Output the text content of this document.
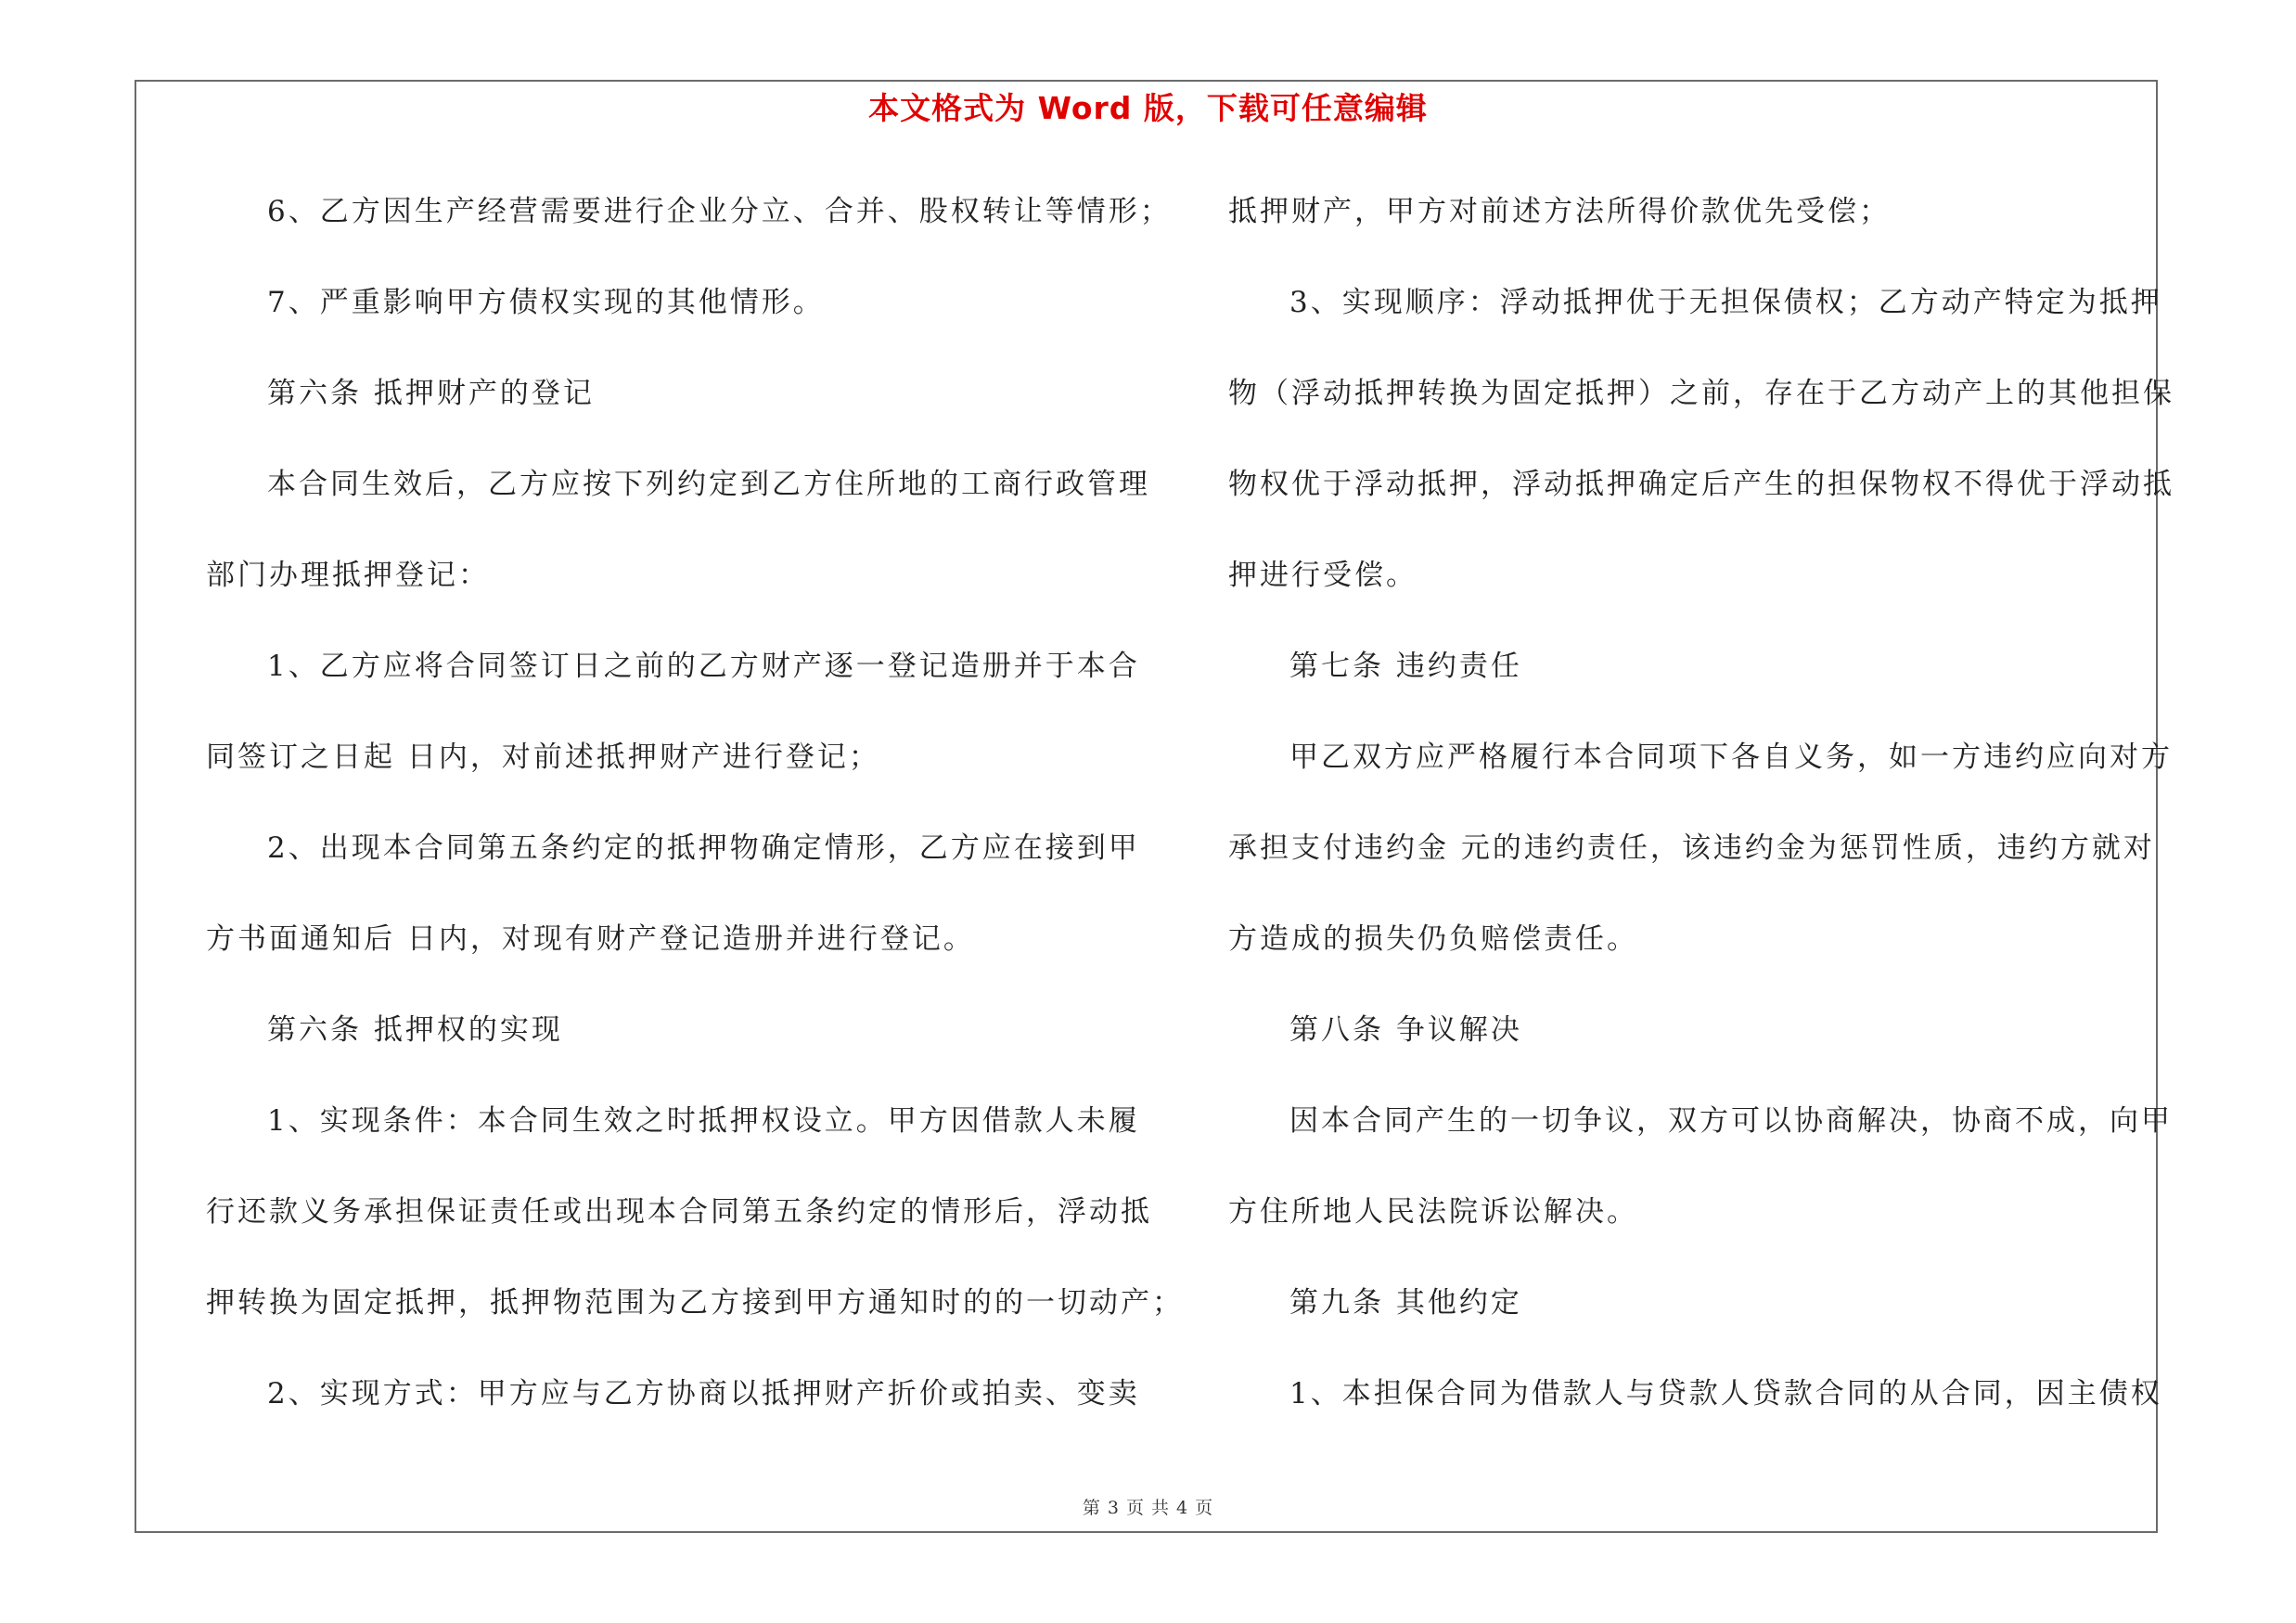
本文格式为 Word 版，下载可任意编辑
6、乙方因生产经营需要进行企业分立、合并、股权转让等情形；
7、严重影响甲方债权实现的其他情形。
第六条 抵押财产的登记
本合同生效后，乙方应按下列约定到乙方住所地的工商行政管理
部门办理抵押登记：
1、乙方应将合同签订日之前的乙方财产逐一登记造册并于本合
同签订之日起 日内，对前述抵押财产进行登记；
2、出现本合同第五条约定的抵押物确定情形，乙方应在接到甲
方书面通知后 日内，对现有财产登记造册并进行登记。
第六条 抵押权的实现
1、实现条件：本合同生效之时抵押权设立。甲方因借款人未履
行还款义务承担保证责任或出现本合同第五条约定的情形后，浮动抵
押转换为固定抵押，抵押物范围为乙方接到甲方通知时的的一切动产；
2、实现方式：甲方应与乙方协商以抵押财产折价或拍卖、变卖
抵押财产，甲方对前述方法所得价款优先受偿；
3、实现顺序：浮动抵押优于无担保债权；乙方动产特定为抵押
物（浮动抵押转换为固定抵押）之前，存在于乙方动产上的其他担保
物权优于浮动抵押，浮动抵押确定后产生的担保物权不得优于浮动抵
押进行受偿。
第七条 违约责任
甲乙双方应严格履行本合同项下各自义务，如一方违约应向对方
承担支付违约金 元的违约责任，该违约金为惩罚性质，违约方就对
方造成的损失仍负赔偿责任。
第八条 争议解决
因本合同产生的一切争议，双方可以协商解决，协商不成，向甲
方住所地人民法院诉讼解决。
第九条 其他约定
1、本担保合同为借款人与贷款人贷款合同的从合同，因主债权
第 3 页 共 4 页
